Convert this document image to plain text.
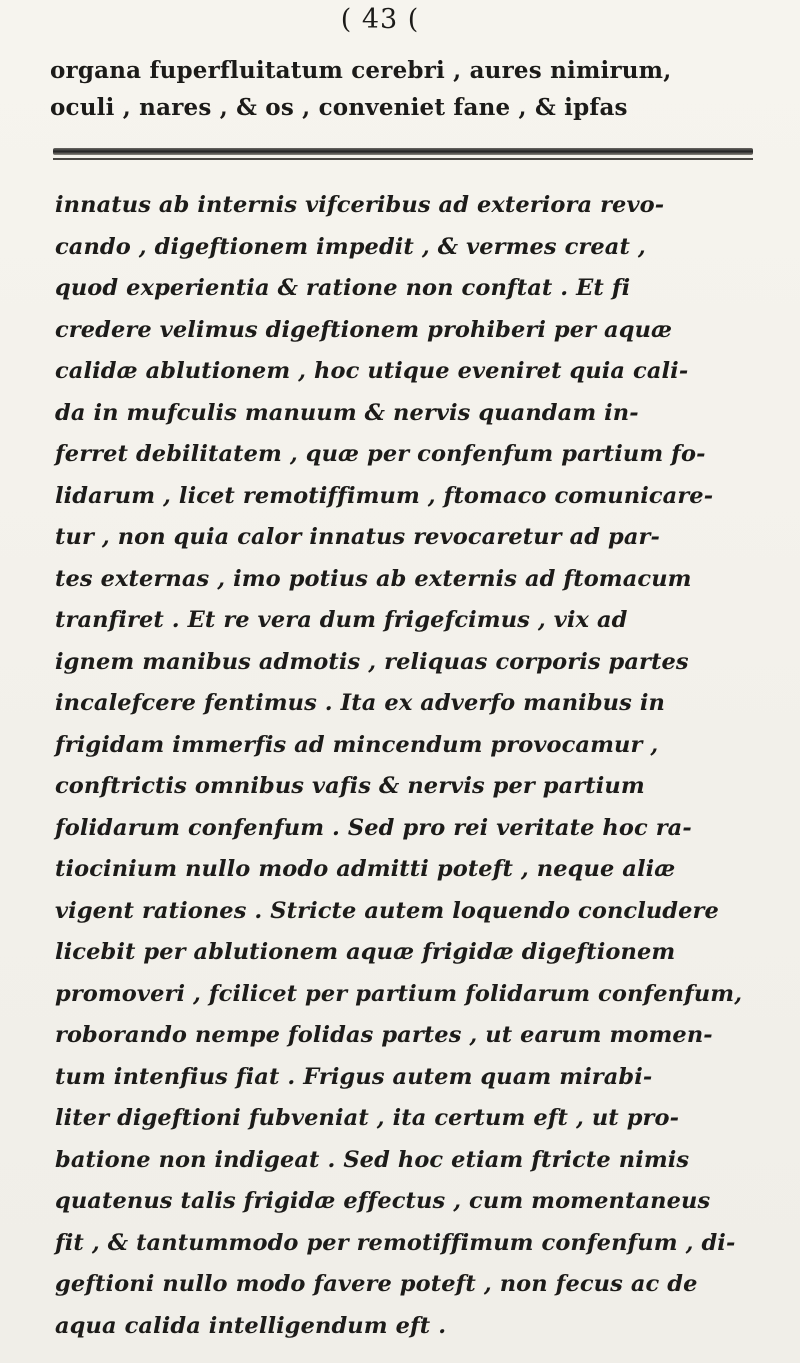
( 43 (
organa fuperfluitatum cerebri , aures nimirum,
oculi , nares , & os , conveniet fane , & ipfas
innatus ab internis vifceribus ad exteriora revo-
cando , digeftionem impedit , & vermes creat ,
quod experientia & ratione non conftat . Et fi
credere velimus digeftionem prohiberi per aquæ
calidæ ablutionem , hoc utique eveniret quia cali-
da in mufculis manuum & nervis quandam in-
ferret debilitatem , quæ per confenfum partium fo-
lidarum , licet remotiffimum , ftomaco comunicare-
tur , non quia calor innatus revocaretur ad par-
tes externas , imo potius ab externis ad ftomacum
tranfiret . Et re vera dum frigefcimus , vix ad
ignem manibus admotis , reliquas corporis partes
incalefcere fentimus . Ita ex adverfo manibus in
frigidam immerfis ad mincendum provocamur ,
conftrictis omnibus vafis & nervis per partium
folidarum confenfum . Sed pro rei veritate hoc ra-
tiocinium nullo modo admitti poteft , neque aliæ
vigent rationes . Stricte autem loquendo concludere
licebit per ablutionem aquæ frigidæ digeftionem
promoveri , fcilicet per partium folidarum confenfum,
roborando nempe folidas partes , ut earum momen-
tum intenfius fiat . Frigus autem quam mirabi-
liter digeftioni fubveniat , ita certum eft , ut pro-
batione non indigeat . Sed hoc etiam ftricte nimis
quatenus talis frigidæ effectus , cum momentaneus
fit , & tantummodo per remotiffimum confenfum , di-
geftioni nullo modo favere poteft , non fecus ac de
aqua calida intelligendum eft .
